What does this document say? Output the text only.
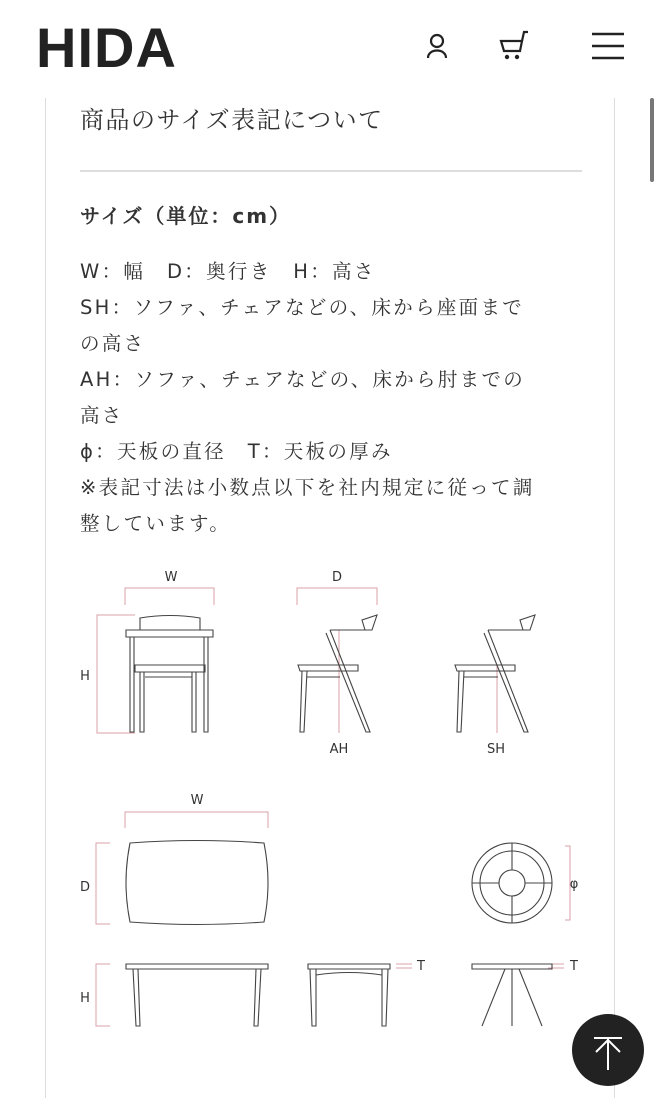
HIDA
商品のサイズ表記について
サイズ（単位：cm）
W：幅　D：奥行き　H：高さ
SH：ソファ、チェアなどの、床から座面まで
の高さ
AH：ソファ、チェアなどの、床から肘までの
高さ
ϕ：天板の直径　T：天板の厚み
※表記寸法は小数点以下を社内規定に従って調
整しています。
W
H
D
AH	SH
W
D
H
T	T
φ
